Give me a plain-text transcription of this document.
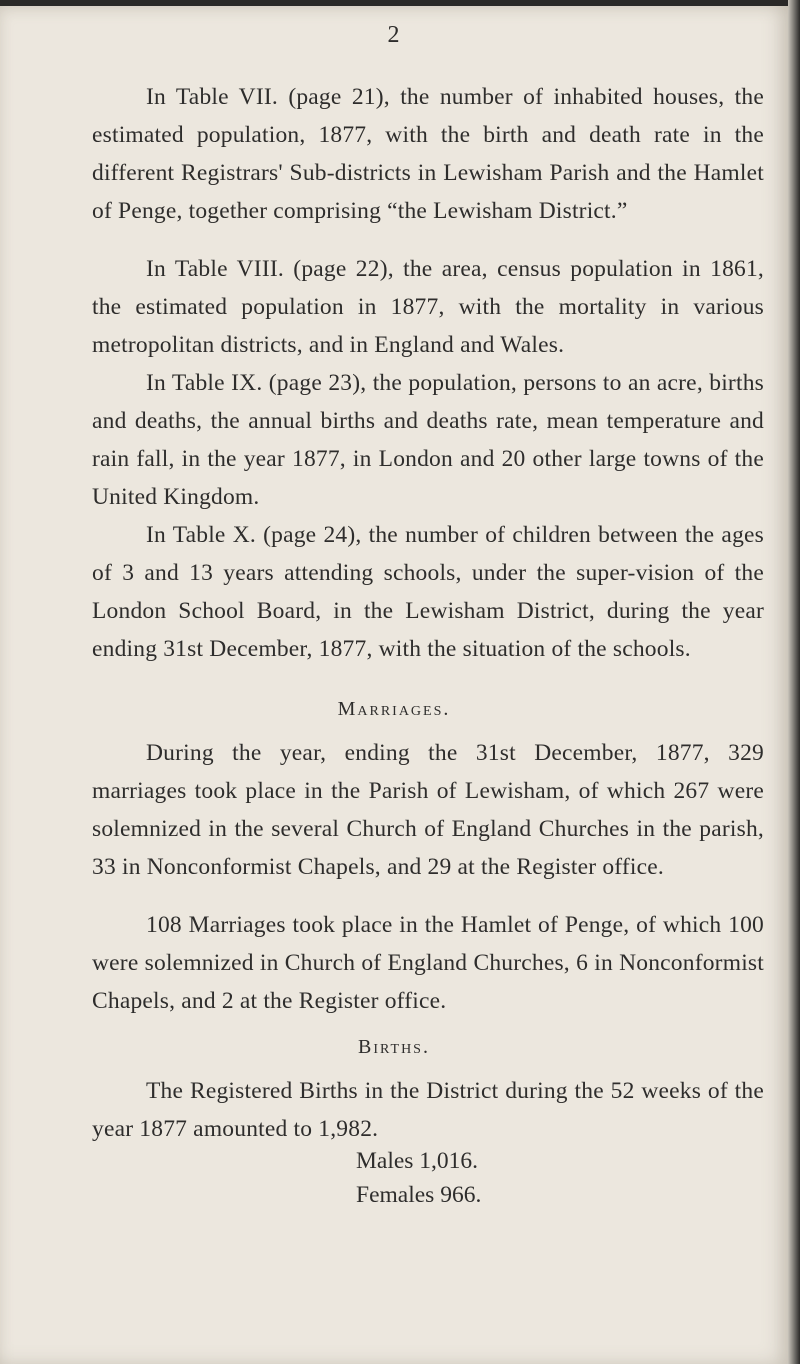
2

In Table VII. (page 21), the number of inhabited houses, the estimated population, 1877, with the birth and death rate in the different Registrars' Sub-districts in Lewisham Parish and the Hamlet of Penge, together comprising “the Lewisham District.”

In Table VIII. (page 22), the area, census population in 1861, the estimated population in 1877, with the mortality in various metropolitan districts, and in England and Wales.

In Table IX. (page 23), the population, persons to an acre, births and deaths, the annual births and deaths rate, mean temperature and rain fall, in the year 1877, in London and 20 other large towns of the United Kingdom.

In Table X. (page 24), the number of children between the ages of 3 and 13 years attending schools, under the super-vision of the London School Board, in the Lewisham District, during the year ending 31st December, 1877, with the situation of the schools.

Marriages.

During the year, ending the 31st December, 1877, 329 marriages took place in the Parish of Lewisham, of which 267 were solemnized in the several Church of England Churches in the parish, 33 in Nonconformist Chapels, and 29 at the Register office.

108 Marriages took place in the Hamlet of Penge, of which 100 were solemnized in Church of England Churches, 6 in Nonconformist Chapels, and 2 at the Register office.

Births.

The Registered Births in the District during the 52 weeks of the year 1877 amounted to 1,982.

Males 1,016.
Females 966.
